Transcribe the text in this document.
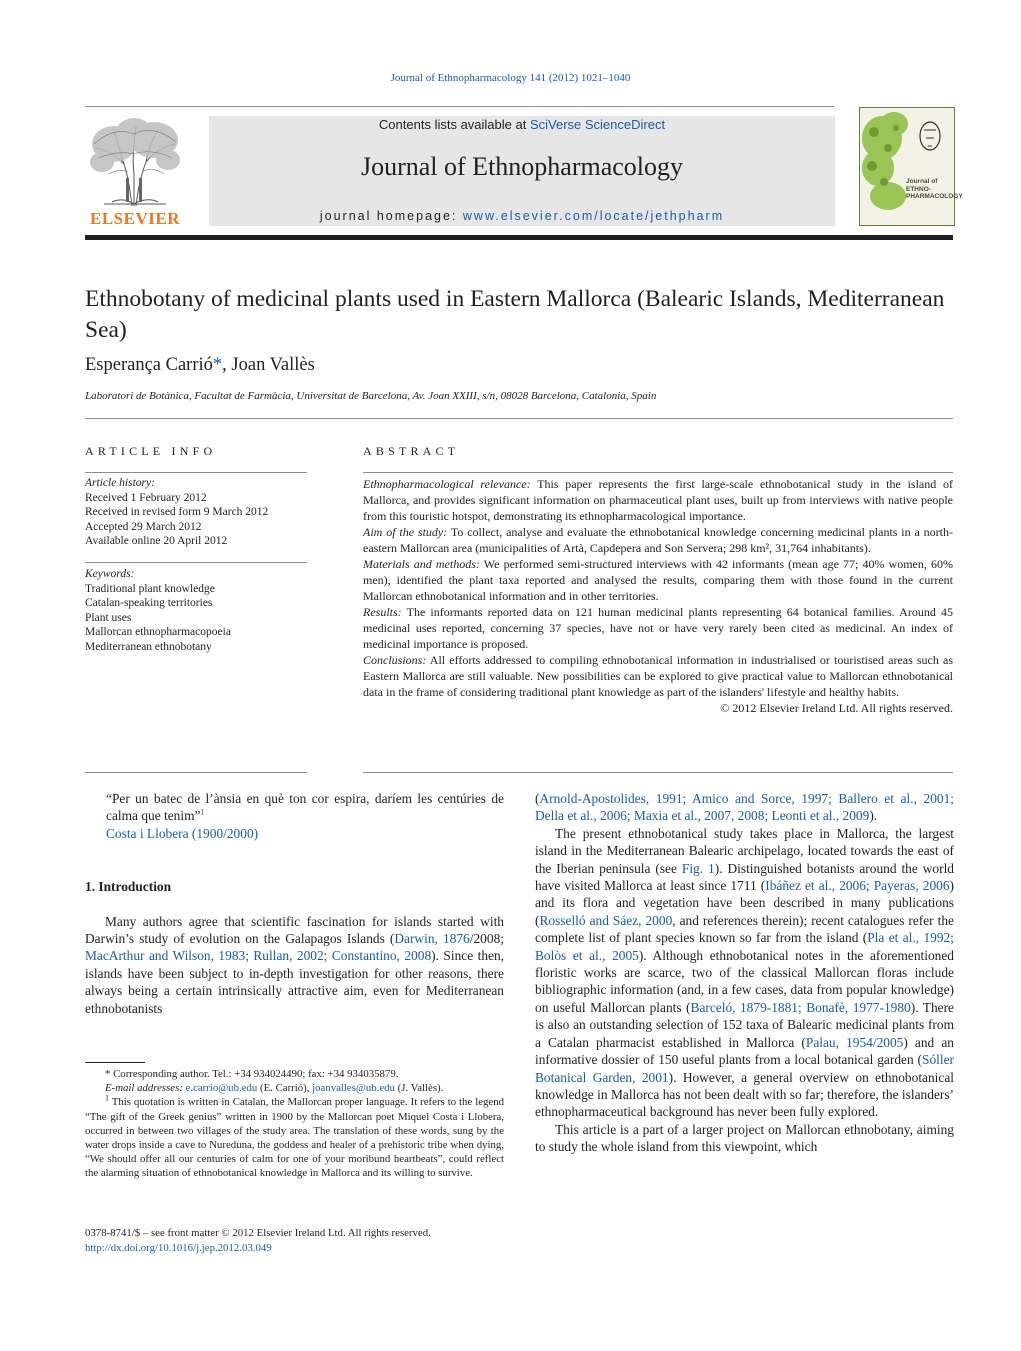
Journal of Ethnopharmacology 141 (2012) 1021–1040
ELSEVIER
Contents lists available at SciVerse ScienceDirect
Journal of Ethnopharmacology
journal homepage: www.elsevier.com/locate/jethpharm
Journal of ETHNO-PHARMACOLOGY
Ethnobotany of medicinal plants used in Eastern Mallorca (Balearic Islands, Mediterranean Sea)
Esperança Carrió*, Joan Vallès
Laboratori de Botànica, Facultat de Farmàcia, Universitat de Barcelona, Av. Joan XXIII, s/n, 08028 Barcelona, Catalonia, Spain
ARTICLE INFO
Article history:
Received 1 February 2012
Received in revised form 9 March 2012
Accepted 29 March 2012
Available online 20 April 2012
Keywords:
Traditional plant knowledge
Catalan-speaking territories
Plant uses
Mallorcan ethnopharmacopoeia
Mediterranean ethnobotany
ABSTRACT

Ethnopharmacological relevance: This paper represents the first large-scale ethnobotanical study in the island of Mallorca, and provides significant information on pharmaceutical plant uses, built up from interviews with native people from this touristic hotspot, demonstrating its ethnopharmacological importance.

Aim of the study: To collect, analyse and evaluate the ethnobotanical knowledge concerning medicinal plants in a north-eastern Mallorcan area (municipalities of Artà, Capdepera and Son Servera; 298 km², 31,764 inhabitants).

Materials and methods: We performed semi-structured interviews with 42 informants (mean age 77; 40% women, 60% men), identified the plant taxa reported and analysed the results, comparing them with those found in the current Mallorcan ethnobotanical information and in other territories.

Results: The informants reported data on 121 human medicinal plants representing 64 botanical families. Around 45 medicinal uses reported, concerning 37 species, have not or have very rarely been cited as medicinal. An index of medicinal importance is proposed.

Conclusions: All efforts addressed to compiling ethnobotanical information in industrialised or touristised areas such as Eastern Mallorca are still valuable. New possibilities can be explored to give practical value to Mallorcan ethnobotanical data in the frame of considering traditional plant knowledge as part of the islanders' lifestyle and healthy habits.

© 2012 Elsevier Ireland Ltd. All rights reserved.

“Per un batec de l’ànsia en què ton cor espira, daríem les centúries de calma que tenim”$^1$

Costa i Llobera (1900/2000)

1. Introduction

Many authors agree that scientific fascination for islands started with Darwin’s study of evolution on the Galapagos Islands (Darwin, 1876/2008; MacArthur and Wilson, 1983; Rullan, 2002; Constantino, 2008). Since then, islands have been subject to in-depth investigation for other reasons, there always being a certain intrinsically attractive aim, even for Mediterranean ethnobotanists

* Corresponding author. Tel.: +34 934024490; fax: +34 934035879.

E-mail addresses: e.carrio@ub.edu (E. Carrió), joanvalles@ub.edu (J. Vallès).

$^1$ This quotation is written in Catalan, the Mallorcan proper language. It refers to the legend “The gift of the Greek genius” written in 1900 by the Mallorcan poet Miquel Costa i Llobera, occurred in between two villages of the study area. The translation of these words, sung by the water drops inside a cave to Nureduna, the goddess and healer of a prehistoric tribe when dying, “We should offer all our centuries of calm for one of your moribund heartbeats”, could reflect the alarming situation of ethnobotanical knowledge in Mallorca and its willing to survive.

0378-8741/$ – see front matter © 2012 Elsevier Ireland Ltd. All rights reserved.
http://dx.doi.org/10.1016/j.jep.2012.03.049

(Arnold-Apostolides, 1991; Amico and Sorce, 1997; Ballero et al., 2001; Della et al., 2006; Maxia et al., 2007, 2008; Leonti et al., 2009).

The present ethnobotanical study takes place in Mallorca, the largest island in the Mediterranean Balearic archipelago, located towards the east of the Iberian peninsula (see Fig. 1). Distinguished botanists around the world have visited Mallorca at least since 1711 (Ibáñez et al., 2006; Payeras, 2006) and its flora and vegetation have been described in many publications (Rosselló and Sáez, 2000, and references therein); recent catalogues refer the complete list of plant species known so far from the island (Pla et al., 1992; Bolòs et al., 2005). Although ethnobotanical notes in the aforementioned floristic works are scarce, two of the classical Mallorcan floras include bibliographic information (and, in a few cases, data from popular knowledge) on useful Mallorcan plants (Barceló, 1879-1881; Bonafè, 1977-1980). There is also an outstanding selection of 152 taxa of Balearic medicinal plants from a Catalan pharmacist established in Mallorca (Palau, 1954/2005) and an informative dossier of 150 useful plants from a local botanical garden (Sóller Botanical Garden, 2001). However, a general overview on ethnobotanical knowledge in Mallorca has not been dealt with so far; therefore, the islanders’ ethnopharmaceutical background has never been fully explored.

This article is a part of a larger project on Mallorcan ethnobotany, aiming to study the whole island from this viewpoint, which
